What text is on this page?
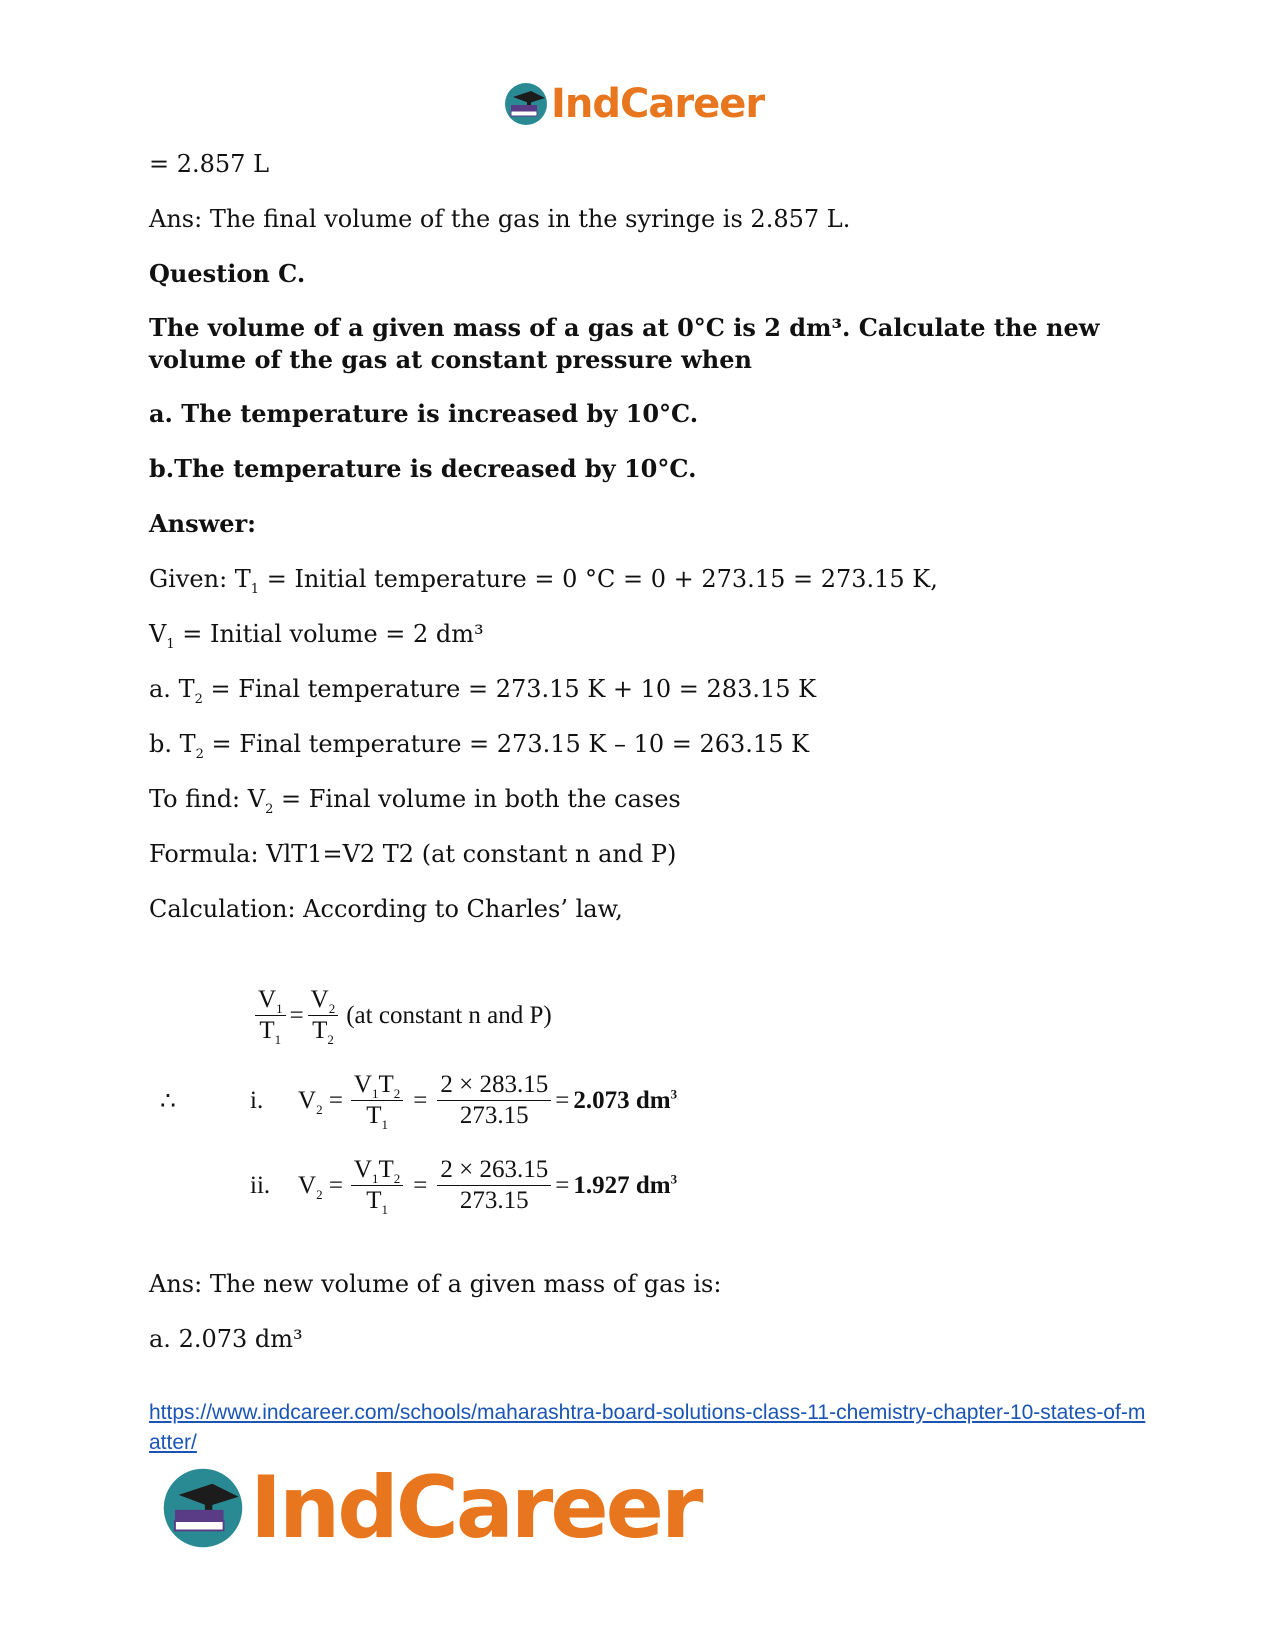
IndCareer
= 2.857 L
Ans: The final volume of the gas in the syringe is 2.857 L.
Question C.
The volume of a given mass of a gas at 0°C is 2 dm³. Calculate the new volume of the gas at constant pressure when
a. The temperature is increased by 10°C.
b.The temperature is decreased by 10°C.
Answer:
Given: $T_1$ = Initial temperature = 0 °C = 0 + 273.15 = 273.15 K,
$V_1$ = Initial volume = 2 dm³
a. $T_2$ = Final temperature = 273.15 K + 10 = 283.15 K
b. $T_2$ = Final temperature = 273.15 K – 10 = 263.15 K
To find: $V_2$ = Final volume in both the cases
Formula: VlT1=V2 T2 (at constant n and P)
Calculation: According to Charles’ law,
$\frac{V_1}{T_1} = \frac{V_2}{T_2} (at$ constant n and P)
∴	i.	$V_2 = \frac{V_1T_2}{T_1} = \frac{2 \times 283.15}{273.15} = 2.073$ $dm^3$
ii.	$V_2 = \frac{V_1T_2}{T_1} = \frac{2 \times 263.15}{273.15} = 1.927$ $dm^3$
Ans: The new volume of a given mass of gas is:
a. 2.073 dm³
https://www.indcareer.com/schools/maharashtra-board-solutions-class-11-chemistry-chapter-10-states-of-matter/
IndCareer
